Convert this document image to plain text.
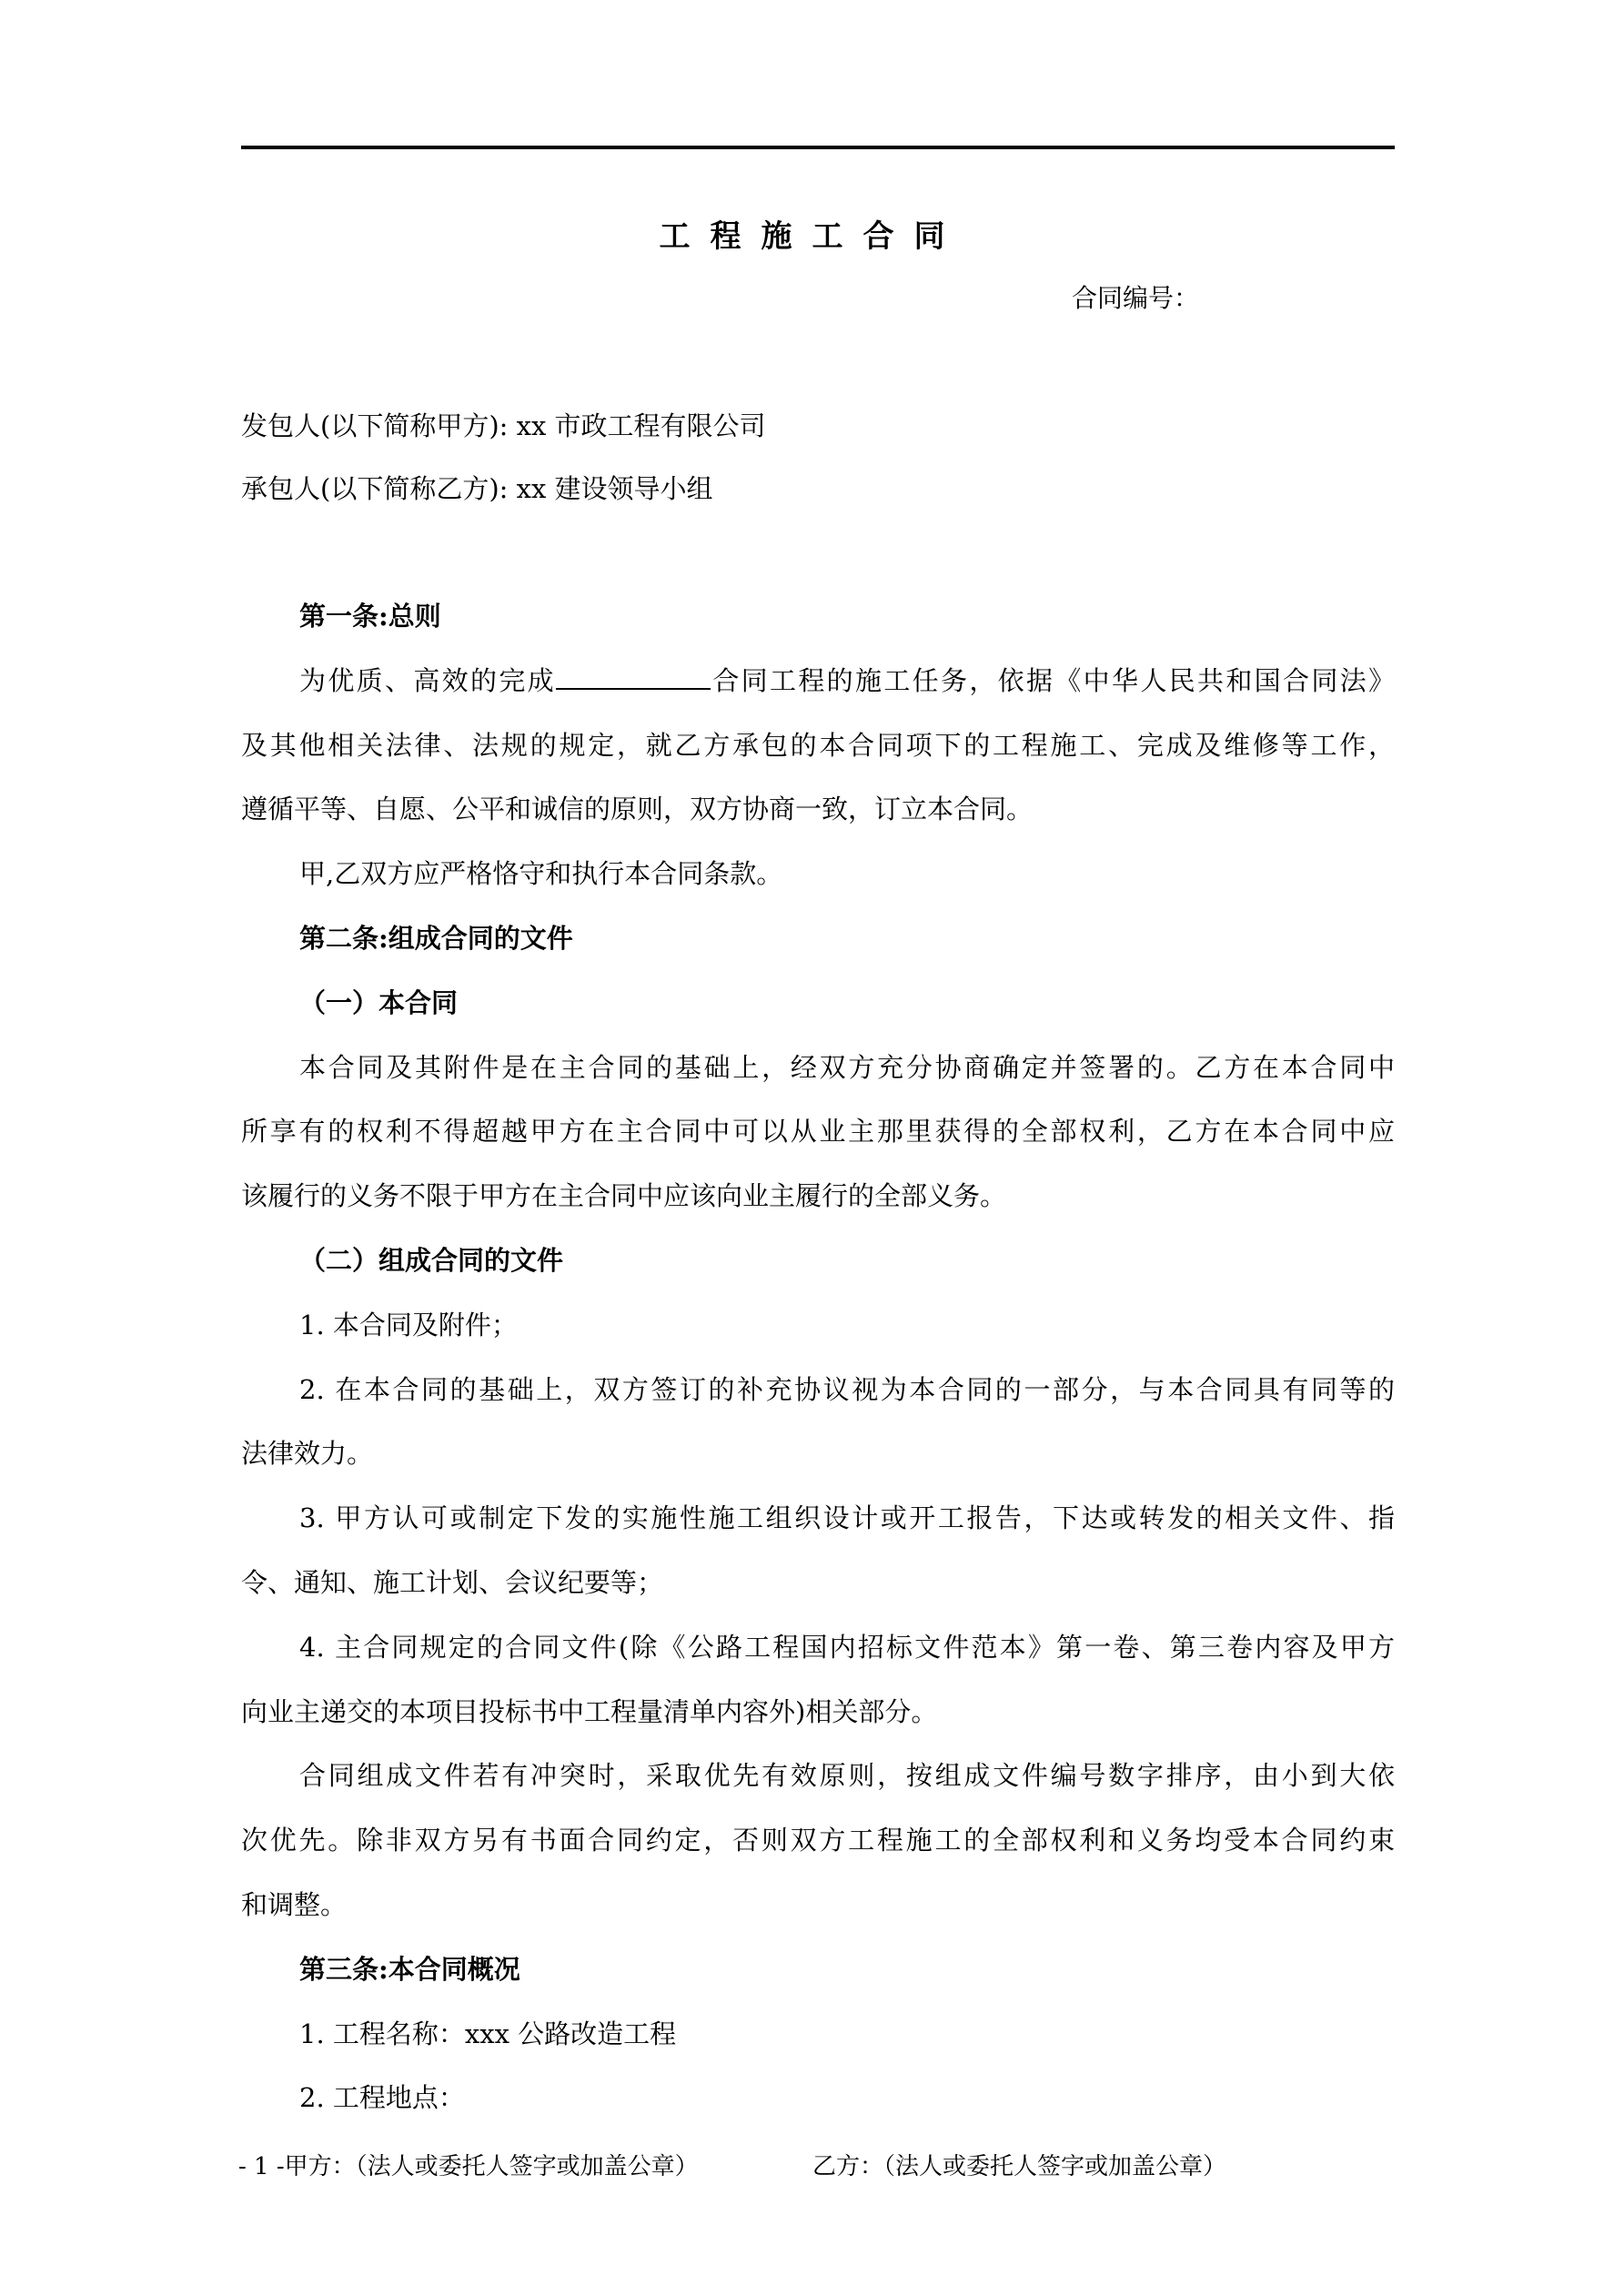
工程施工合同
合同编号：
发包人(以下简称甲方): xx 市政工程有限公司
承包人(以下简称乙方): xx 建设领导小组
第一条:总则
为优质、高效的完成	合同工程的施工任务，依据《中华人民共和国合同法》
及其他相关法律、法规的规定，就乙方承包的本合同项下的工程施工、完成及维修等工作，
遵循平等、自愿、公平和诚信的原则，双方协商一致，订立本合同。
甲,乙双方应严格恪守和执行本合同条款。
第二条:组成合同的文件
（一）本合同
本合同及其附件是在主合同的基础上，经双方充分协商确定并签署的。乙方在本合同中
所享有的权利不得超越甲方在主合同中可以从业主那里获得的全部权利，乙方在本合同中应
该履行的义务不限于甲方在主合同中应该向业主履行的全部义务。
（二）组成合同的文件
1. 本合同及附件；
2. 在本合同的基础上，双方签订的补充协议视为本合同的一部分，与本合同具有同等的
法律效力。
3. 甲方认可或制定下发的实施性施工组织设计或开工报告，下达或转发的相关文件、指
令、通知、施工计划、会议纪要等；
4. 主合同规定的合同文件(除《公路工程国内招标文件范本》第一卷、第三卷内容及甲方
向业主递交的本项目投标书中工程量清单内容外)相关部分。
合同组成文件若有冲突时，采取优先有效原则，按组成文件编号数字排序，由小到大依
次优先。除非双方另有书面合同约定，否则双方工程施工的全部权利和义务均受本合同约束
和调整。
第三条:本合同概况
1. 工程名称：xxx 公路改造工程
2. 工程地点：
- 1 -甲方：（法人或委托人签字或加盖公章）	乙方：（法人或委托人签字或加盖公章）
